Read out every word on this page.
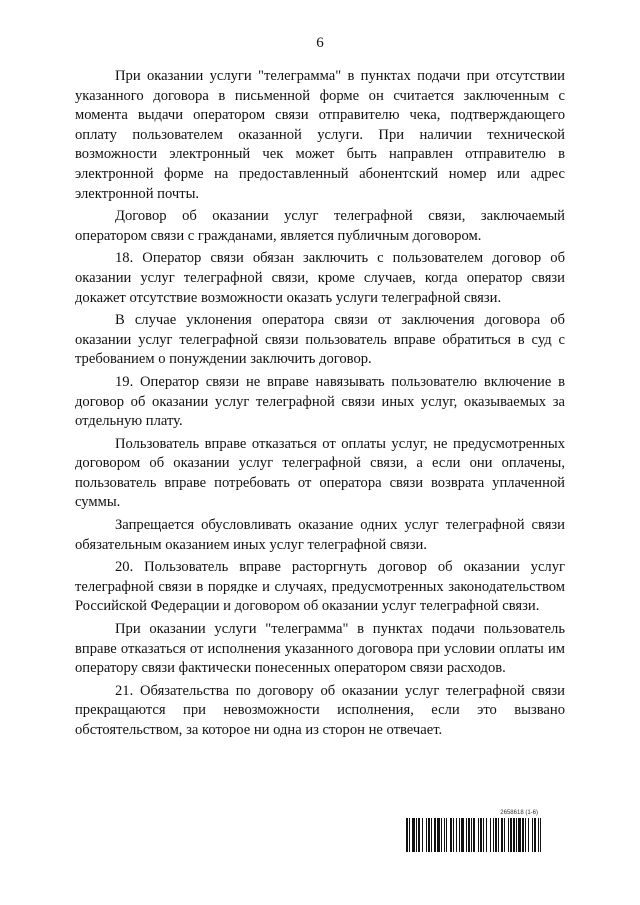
6

При оказании услуги "телеграмма" в пунктах подачи при отсутствии указанного договора в письменной форме он считается заключенным с момента выдачи оператором связи отправителю чека, подтверждающего оплату пользователем оказанной услуги. При наличии технической возможности электронный чек может быть направлен отправителю в электронной форме на предоставленный абонентский номер или адрес электронной почты.

Договор об оказании услуг телеграфной связи, заключаемый оператором связи с гражданами, является публичным договором.

18. Оператор связи обязан заключить с пользователем договор об оказании услуг телеграфной связи, кроме случаев, когда оператор связи докажет отсутствие возможности оказать услуги телеграфной связи.

В случае уклонения оператора связи от заключения договора об оказании услуг телеграфной связи пользователь вправе обратиться в суд с требованием о понуждении заключить договор.

19. Оператор связи не вправе навязывать пользователю включение в договор об оказании услуг телеграфной связи иных услуг, оказываемых за отдельную плату.

Пользователь вправе отказаться от оплаты услуг, не предусмотренных договором об оказании услуг телеграфной связи, а если они оплачены, пользователь вправе потребовать от оператора связи возврата уплаченной суммы.

Запрещается обусловливать оказание одних услуг телеграфной связи обязательным оказанием иных услуг телеграфной связи.

20. Пользователь вправе расторгнуть договор об оказании услуг телеграфной связи в порядке и случаях, предусмотренных законодательством Российской Федерации и договором об оказании услуг телеграфной связи.

При оказании услуги "телеграмма" в пунктах подачи пользователь вправе отказаться от исполнения указанного договора при условии оплаты им оператору связи фактически понесенных оператором связи расходов.

21. Обязательства по договору об оказании услуг телеграфной связи прекращаются при невозможности исполнения, если это вызвано обстоятельством, за которое ни одна из сторон не отвечает.

2658618 (1-6)
